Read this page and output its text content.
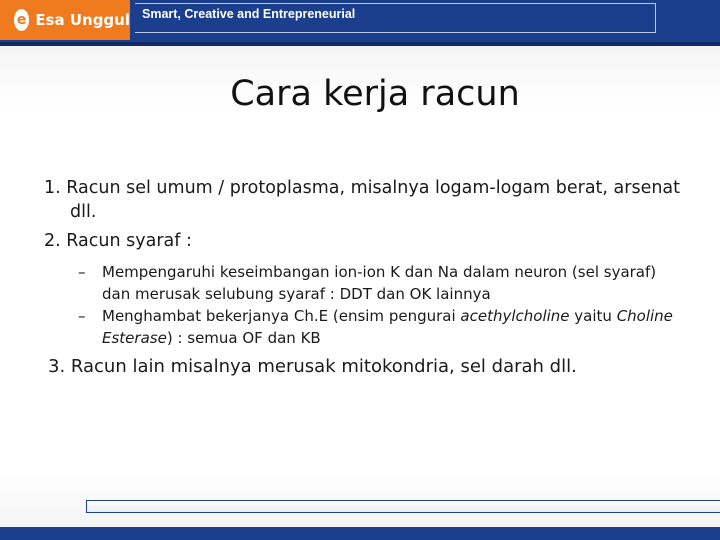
e Esa Unggul Smart, Creative and Entrepreneurial
Cara kerja racun
1. Racun sel umum / protoplasma, misalnya logam-logam berat, arsenat dll.
2. Racun syaraf :
– Mempengaruhi keseimbangan ion-ion K dan Na dalam neuron (sel syaraf) dan merusak selubung syaraf : DDT dan OK lainnya
– Menghambat bekerjanya Ch.E (ensim pengurai acethylcholine yaitu Choline Esterase) : semua OF dan KB
3. Racun lain misalnya merusak mitokondria, sel darah dll.
